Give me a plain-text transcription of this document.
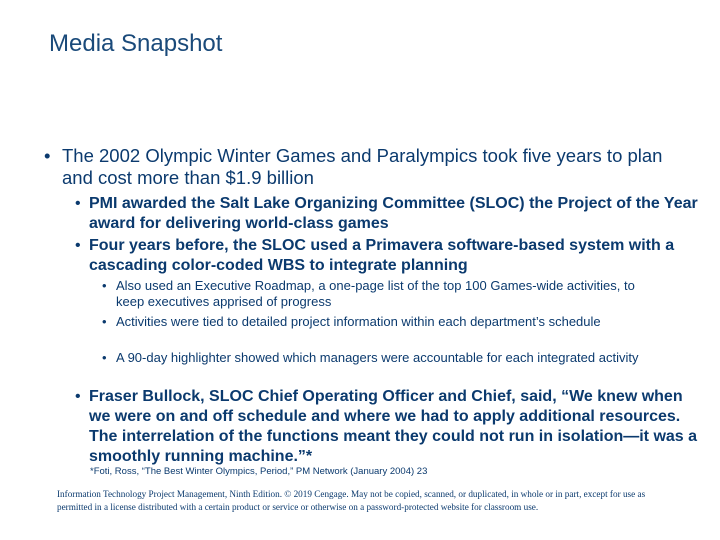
Media Snapshot
• The 2002 Olympic Winter Games and Paralympics took five years to plan and cost more than $1.9 billion
• PMI awarded the Salt Lake Organizing Committee (SLOC) the Project of the Year award for delivering world-class games
• Four years before, the SLOC used a Primavera software-based system with a cascading color-coded WBS to integrate planning
• Also used an Executive Roadmap, a one-page list of the top 100 Games-wide activities, to keep executives apprised of progress
• Activities were tied to detailed project information within each department’s schedule
• A 90-day highlighter showed which managers were accountable for each integrated activity
• Fraser Bullock, SLOC Chief Operating Officer and Chief, said, “We knew when we were on and off schedule and where we had to apply additional resources. The interrelation of the functions meant they could not run in isolation—it was a smoothly running machine.”*
*Foti, Ross, “The Best Winter Olympics, Period,” PM Network (January 2004) 23
Information Technology Project Management, Ninth Edition. © 2019 Cengage. May not be copied, scanned, or duplicated, in whole or in part, except for use as permitted in a license distributed with a certain product or service or otherwise on a password-protected website for classroom use.
